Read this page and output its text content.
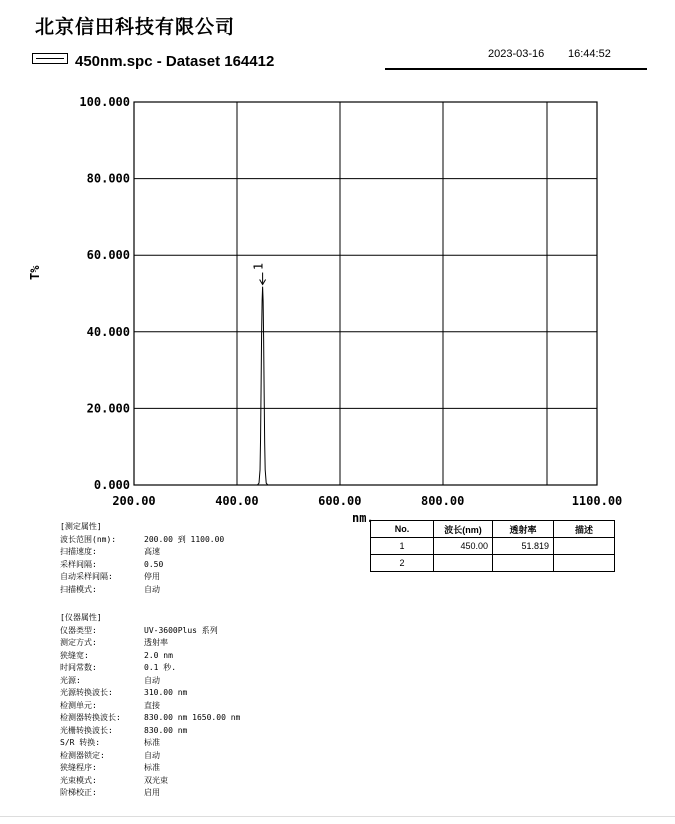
北京信田科技有限公司
450nm.spc - Dataset 164412	2023-03-16 16:44:52
T%
100.000
80.000
60.000
40.000
20.000
0.000
200.00	400.00	600.00	800.00	1100.00
1
nm.
No.	波长(nm)	透射率	描述
1	450.00	51.819	
2			
[测定属性]
波长范围(nm):	200.00 到 1100.00
扫描速度:	高速
采样间隔:	0.50
自动采样间隔:	停用
扫描模式:	自动
[仪器属性]
仪器类型:	UV-3600Plus 系列
测定方式:	透射率
狭缝宽:	2.0 nm
时间常数:	0.1 秒.
光源:	自动
光源转换波长:	310.00 nm
检测单元:	直接
检测器转换波长:	830.00 nm 1650.00 nm
光栅转换波长:	830.00 nm
S/R 转换:	标准
检测器锁定:	自动
狭缝程序:	标准
光束模式:	双光束
阶梯校正:	启用
